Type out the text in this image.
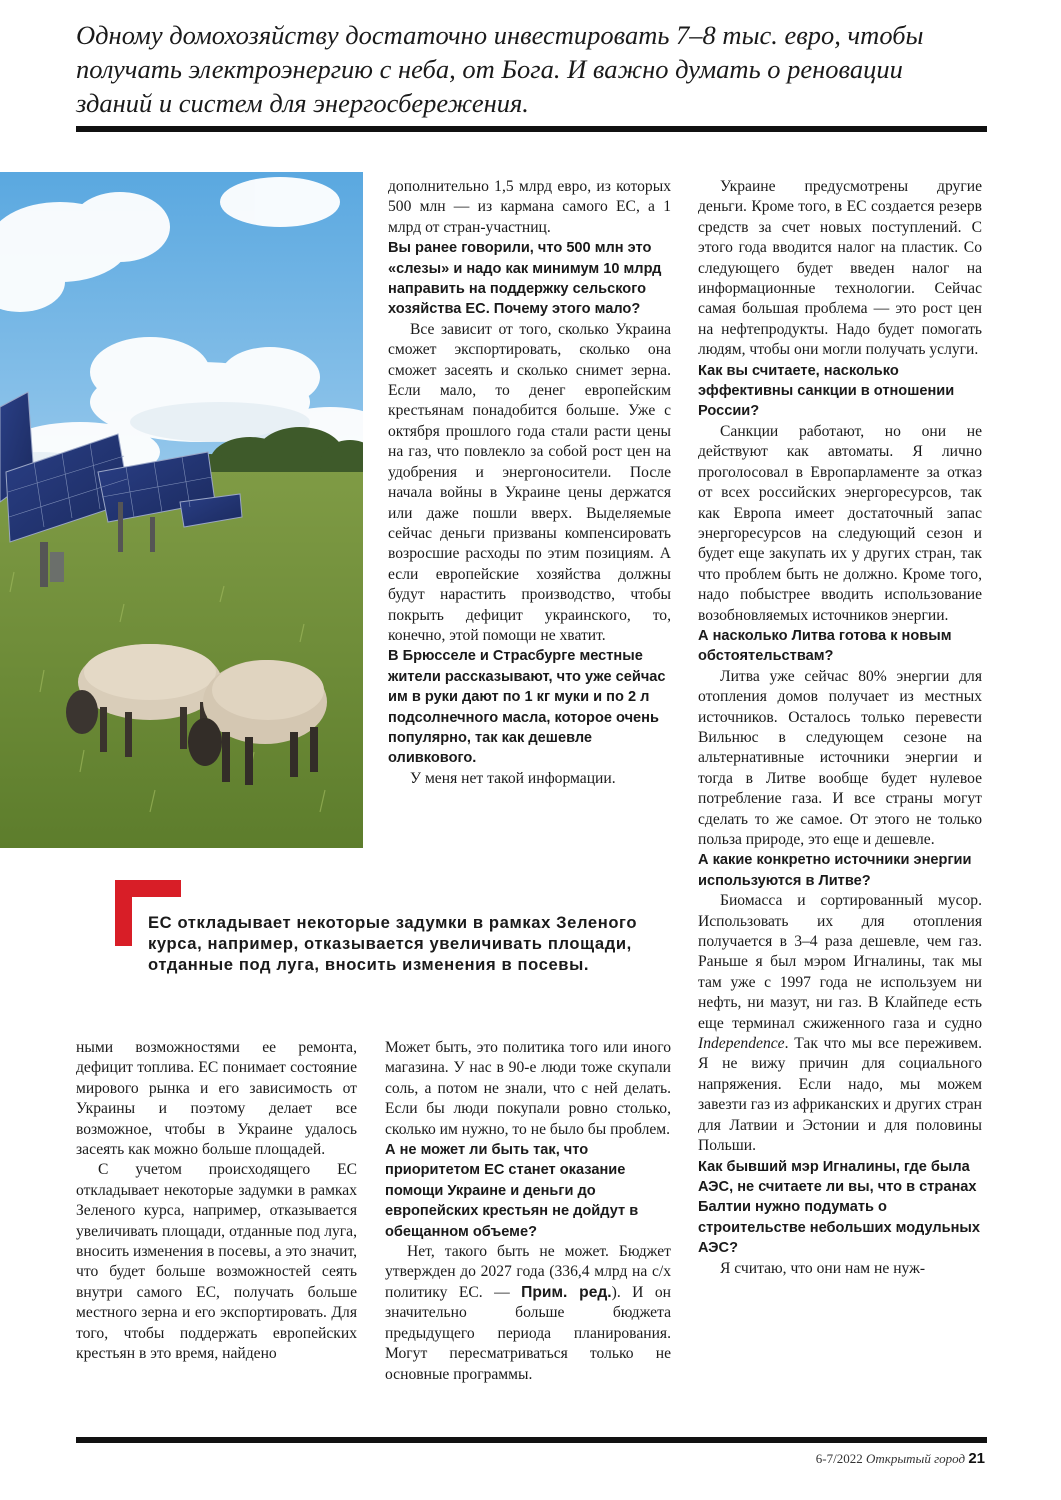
Одному домохозяйству достаточно инвестировать 7–8 тыс. евро, чтобы получать электроэнергию с неба, от Бога. И важно думать о реновации зданий и систем для энергосбережения.

дополнительно 1,5 млрд евро, из которых 500 млн — из кармана самого ЕС, а 1 млрд от стран-участниц.

Вы ранее говорили, что 500 млн это «слезы» и надо как минимум 10 млрд направить на поддержку сельского хозяйства ЕС. Почему этого мало?

Все зависит от того, сколько Украина сможет экспортировать, сколько она сможет засеять и сколько снимет зерна. Если мало, то денег европейским крестьянам понадобится больше. Уже с октября прошлого года стали расти цены на газ, что повлекло за собой рост цен на удобрения и энергоносители. После начала войны в Украине цены держатся или даже пошли вверх. Выделяемые сейчас деньги призваны компенсировать возросшие расходы по этим позициям. А если европейские хозяйства должны будут нарастить производство, чтобы покрыть дефицит украинского, то, конечно, этой помощи не хватит.

В Брюсселе и Страсбурге местные жители рассказывают, что уже сейчас им в руки дают по 1 кг муки и по 2 л подсолнечного масла, которое очень популярно, так как дешевле оливкового.

У меня нет такой информации.

Украине предусмотрены другие деньги. Кроме того, в ЕС создается резерв средств за счет новых поступлений. С этого года вводится налог на пластик. Со следующего будет введен налог на информационные технологии. Сейчас самая большая проблема — это рост цен на нефтепродукты. Надо будет помогать людям, чтобы они могли получать услуги.

Как вы считаете, насколько эффективны санкции в отношении России?

Санкции работают, но они не действуют как автоматы. Я лично проголосовал в Европарламенте за отказ от всех российских энергоресурсов, так как Европа имеет достаточный запас энергоресурсов на следующий сезон и будет еще закупать их у других стран, так что проблем быть не должно. Кроме того, надо побыстрее вводить использование возобновляемых источников энергии.

А насколько Литва готова к новым обстоятельствам?

Литва уже сейчас 80% энергии для отопления домов получает из местных источников. Осталось только перевести Вильнюс в следующем сезоне на альтернативные источники энергии и тогда в Литве вообще будет нулевое потребление газа. И все страны могут сделать то же самое. От этого не только польза природе, это еще и дешевле.

А какие конкретно источники энергии используются в Литве?

Биомасса и сортированный мусор. Использовать их для отопления получается в 3–4 раза дешевле, чем газ. Раньше я был мэром Игналины, так мы там уже с 1997 года не используем ни нефть, ни мазут, ни газ. В Клайпеде есть еще терминал сжиженного газа и судно Independence. Так что мы все переживем. Я не вижу причин для социального напряжения. Если надо, мы можем завезти газ из африканских и других стран для Латвии и Эстонии и для половины Польши.

Как бывший мэр Игналины, где была АЭС, не считаете ли вы, что в странах Балтии нужно подумать о строительстве небольших модульных АЭС?

Я считаю, что они нам не нуж-

ЕС откладывает некоторые задумки в рамках Зеленого курса, например, отказывается увеличивать площади, отданные под луга, вносить изменения в посевы.

ными возможностями ее ремонта, дефицит топлива. ЕС понимает состояние мирового рынка и его зависимость от Украины и поэтому делает все возможное, чтобы в Украине удалось засеять как можно больше площадей.

С учетом происходящего ЕС откладывает некоторые задумки в рамках Зеленого курса, например, отказывается увеличивать площади, отданные под луга, вносить изменения в посевы, а это значит, что будет больше возможностей сеять внутри самого ЕС, получать больше местного зерна и его экспортировать. Для того, чтобы поддержать европейских крестьян в это время, найдено

Может быть, это политика того или иного магазина. У нас в 90-е люди тоже скупали соль, а потом не знали, что с ней делать. Если бы люди покупали ровно столько, сколько им нужно, то не было бы проблем.

А не может ли быть так, что приоритетом ЕС станет оказание помощи Украине и деньги до европейских крестьян не дойдут в обещанном объеме?

Нет, такого быть не может. Бюджет утвержден до 2027 года (336,4 млрд на с/х политику ЕС. — Прим. ред.). И он значительно больше бюджета предыдущего периода планирования. Могут пересматриваться только не основные программы.

6-7/2022 Открытый город 21
